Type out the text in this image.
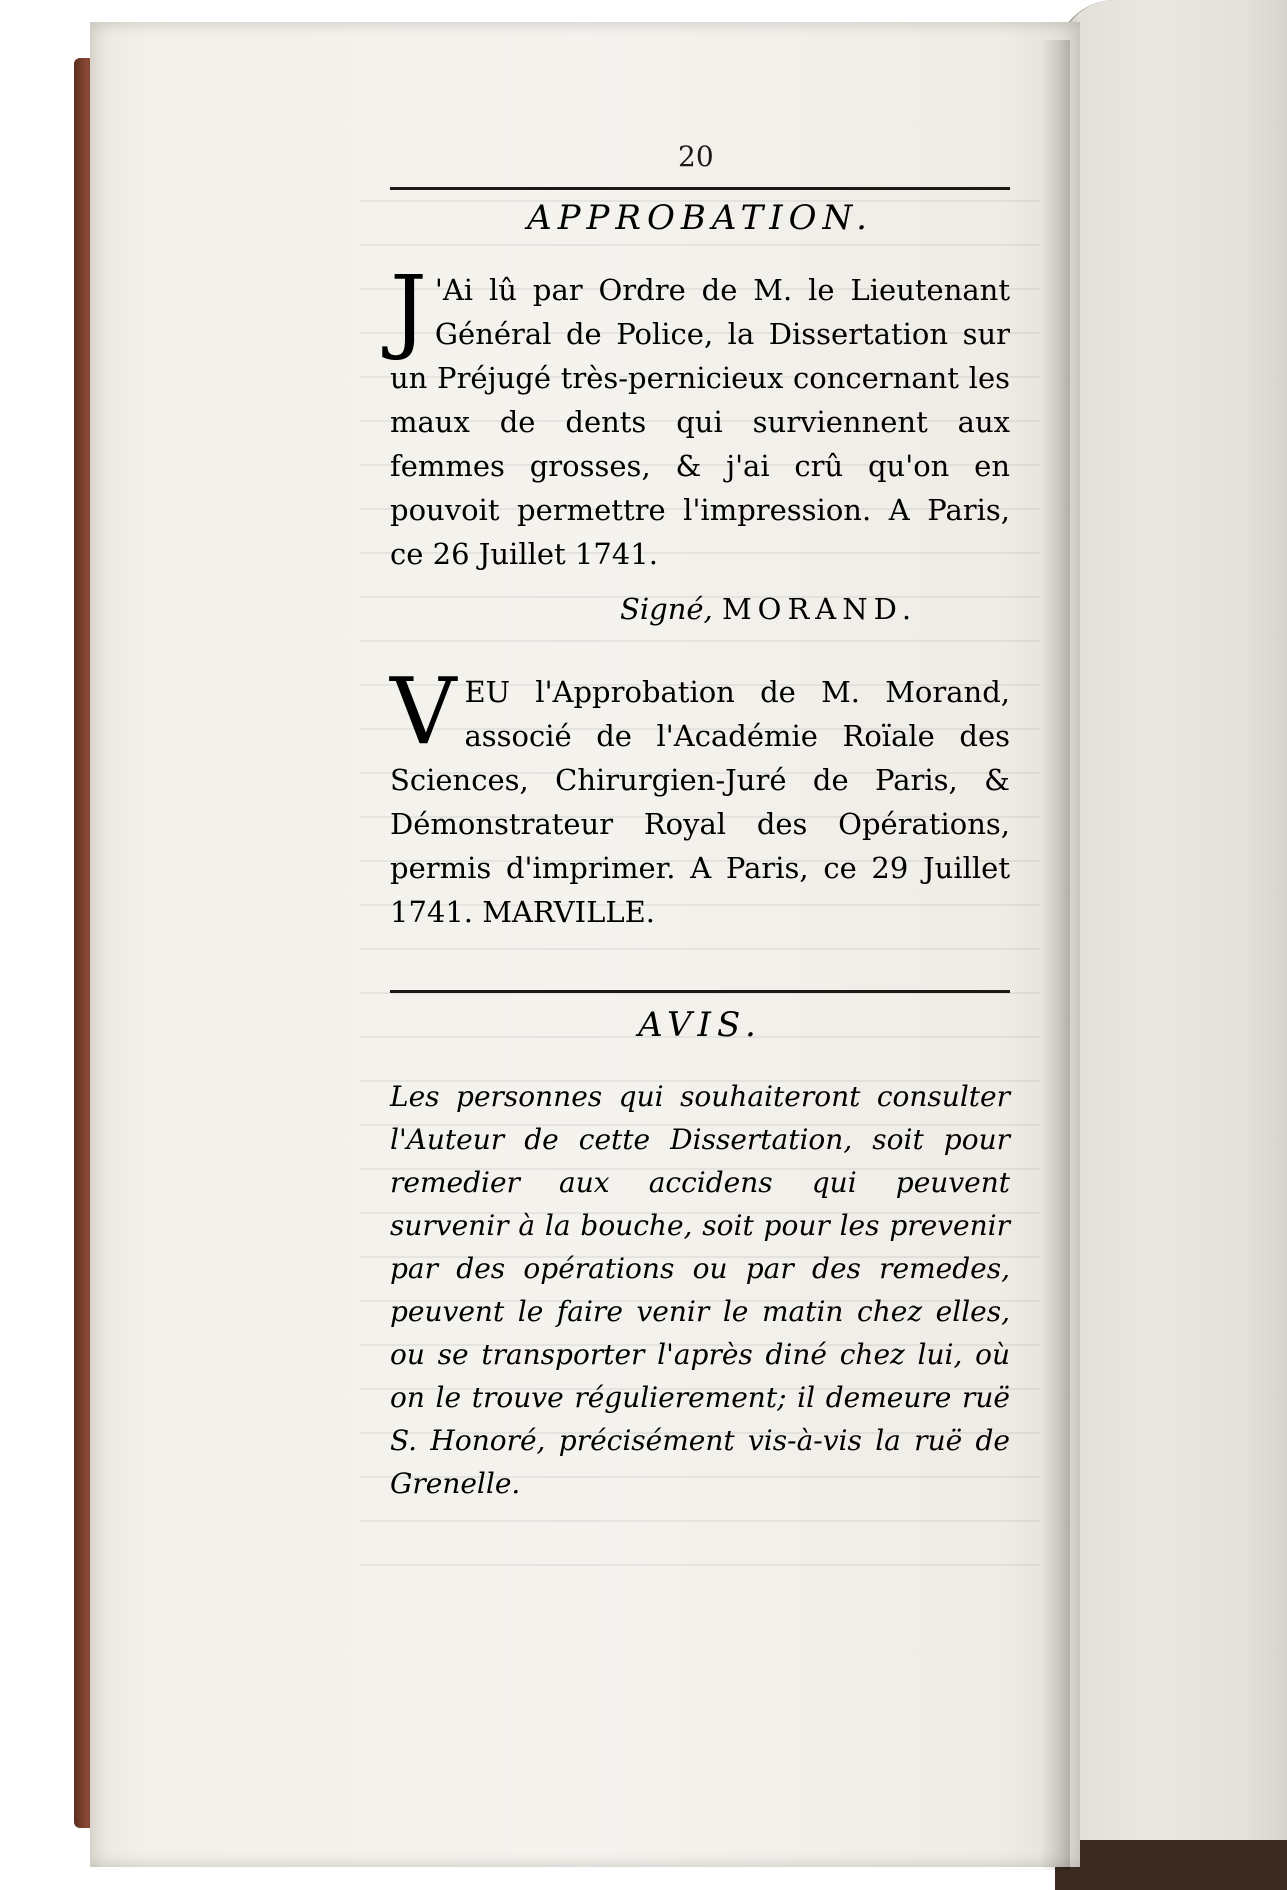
20
APPROBATION.
J 'Ai lû par Ordre de M. le Lieutenant Général de Police, la Dissertation sur un Préjugé très-pernicieux concernant les maux de dents qui surviennent aux femmes grosses, & j'ai crû qu'on en pouvoit permettre l'impression. A Paris, ce 26 Juillet 1741.
Signé, MORAND.
VEU l'Approbation de M. Morand, associé de l'Académie Roïale des Sciences, Chirurgien-Juré de Paris, & Démonstrateur Royal des Opérations, permis d'imprimer. A Paris, ce 29 Juillet 1741. MARVILLE.
AVIS.
Les personnes qui souhaiteront consulter l'Auteur de cette Dissertation, soit pour remedier aux accidens qui peuvent survenir à la bouche, soit pour les prevenir par des opérations ou par des remedes, peuvent le faire venir le matin chez elles, ou se transporter l'après diné chez lui, où on le trouve régulierement; il demeure ruë S. Honoré, précisément vis-à-vis la ruë de Grenelle.
